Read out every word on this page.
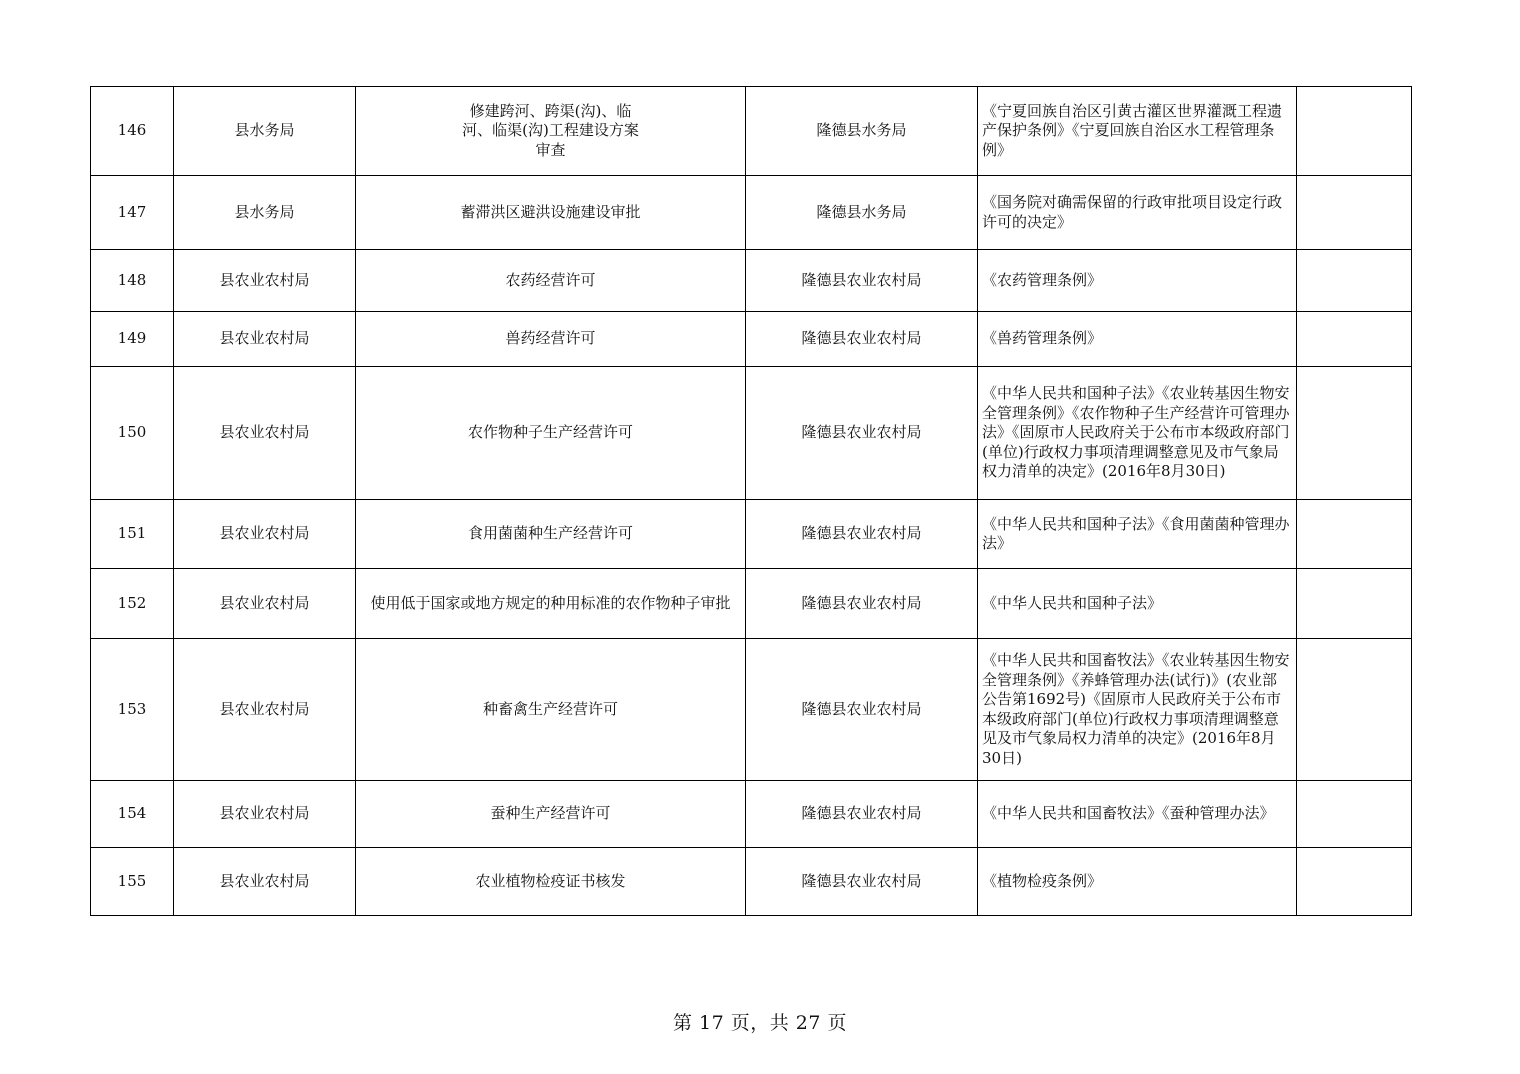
146	县水务局	修建跨河、跨渠(沟)、临河、临渠(沟)工程建设方案审查	隆德县水务局	《宁夏回族自治区引黄古灌区世界灌溉工程遗产保护条例》《宁夏回族自治区水工程管理条例》	
147	县水务局	蓄滞洪区避洪设施建设审批	隆德县水务局	《国务院对确需保留的行政审批项目设定行政许可的决定》	
148	县农业农村局	农药经营许可	隆德县农业农村局	《农药管理条例》	
149	县农业农村局	兽药经营许可	隆德县农业农村局	《兽药管理条例》	
150	县农业农村局	农作物种子生产经营许可	隆德县农业农村局	《中华人民共和国种子法》《农业转基因生物安全管理条例》《农作物种子生产经营许可管理办法》《固原市人民政府关于公布市本级政府部门(单位)行政权力事项清理调整意见及市气象局权力清单的决定》(2016年8月30日)	
151	县农业农村局	食用菌菌种生产经营许可	隆德县农业农村局	《中华人民共和国种子法》《食用菌菌种管理办法》	
152	县农业农村局	使用低于国家或地方规定的种用标准的农作物种子审批	隆德县农业农村局	《中华人民共和国种子法》	
153	县农业农村局	种畜禽生产经营许可	隆德县农业农村局	《中华人民共和国畜牧法》《农业转基因生物安全管理条例》《养蜂管理办法(试行)》(农业部公告第1692号)《固原市人民政府关于公布市本级政府部门(单位)行政权力事项清理调整意见及市气象局权力清单的决定》(2016年8月30日)	
154	县农业农村局	蚕种生产经营许可	隆德县农业农村局	《中华人民共和国畜牧法》《蚕种管理办法》	
155	县农业农村局	农业植物检疫证书核发	隆德县农业农村局	《植物检疫条例》	
第 17 页，共 27 页
